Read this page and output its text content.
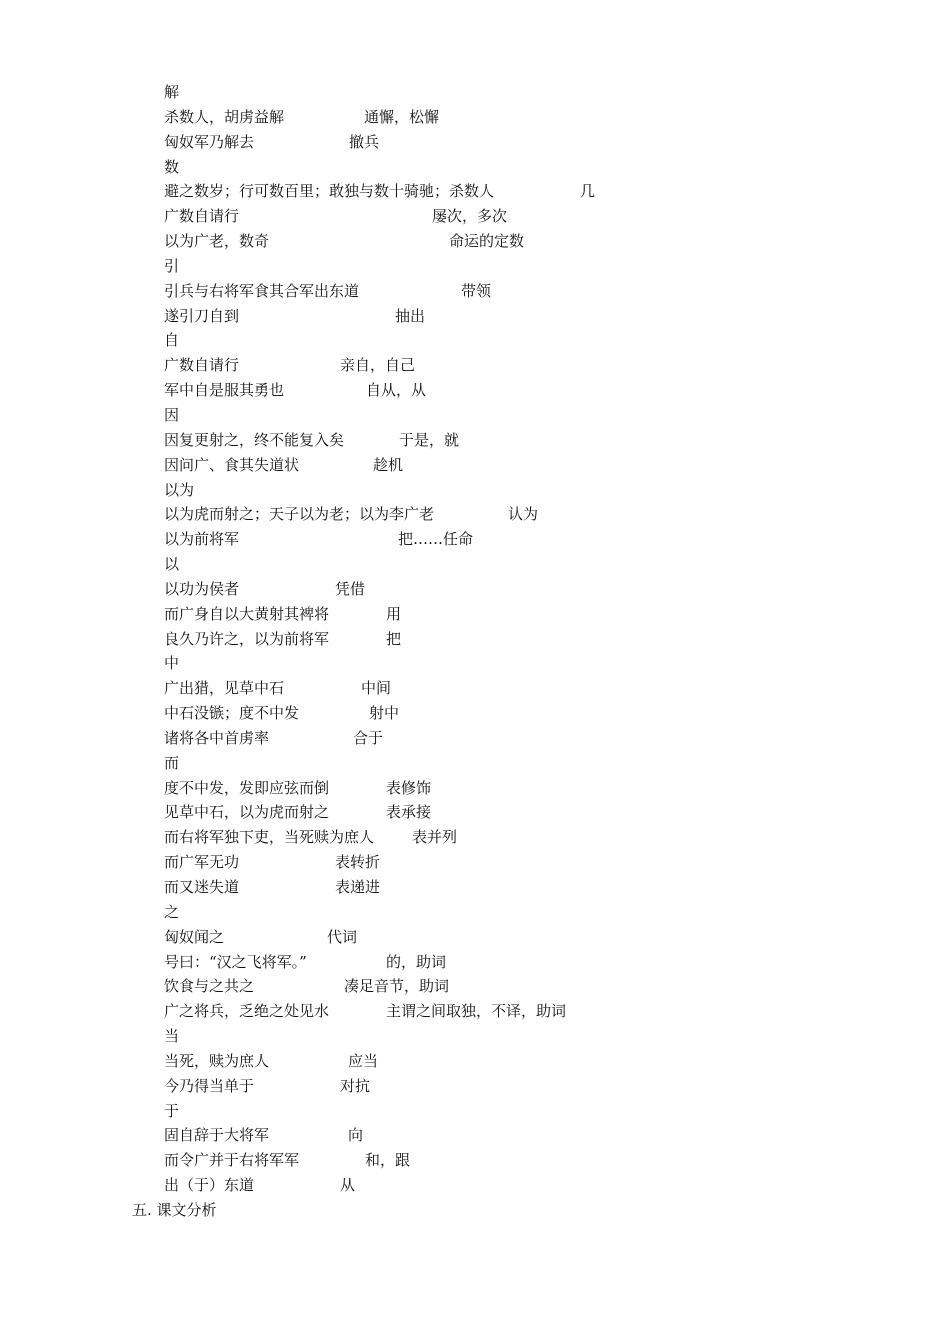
解
杀数人，胡虏益解	通懈，松懈
匈奴军乃解去	撤兵
数
避之数岁；行可数百里；敢独与数十骑驰；杀数人	几
广数自请行	屡次，多次
以为广老，数奇	命运的定数
引
引兵与右将军食其合军出东道	带领
遂引刀自到	抽出
自
广数自请行	亲自，自己
军中自是服其勇也	自从，从
因
因复更射之，终不能复入矣	于是，就
因问广、食其失道状	趁机
以为
以为虎而射之；天子以为老；以为李广老	认为
以为前将军	把……任命
以
以功为侯者	凭借
而广身自以大黄射其裨将	用
良久乃许之，以为前将军	把
中
广出猎，见草中石	中间
中石没镞；度不中发	射中
诸将各中首虏率	合于
而
度不中发，发即应弦而倒	表修饰
见草中石，以为虎而射之	表承接
而右将军独下吏，当死赎为庶人	表并列
而广军无功	表转折
而又迷失道	表递进
之
匈奴闻之	代词
号曰：“汉之飞将军。”	的，助词
饮食与之共之	凑足音节，助词
广之将兵，乏绝之处见水	主谓之间取独，不译，助词
当
当死，赎为庶人	应当
今乃得当单于	对抗
于
固自辞于大将军	向
而令广并于右将军军	和，跟
出（于）东道	从
五. 课文分析
